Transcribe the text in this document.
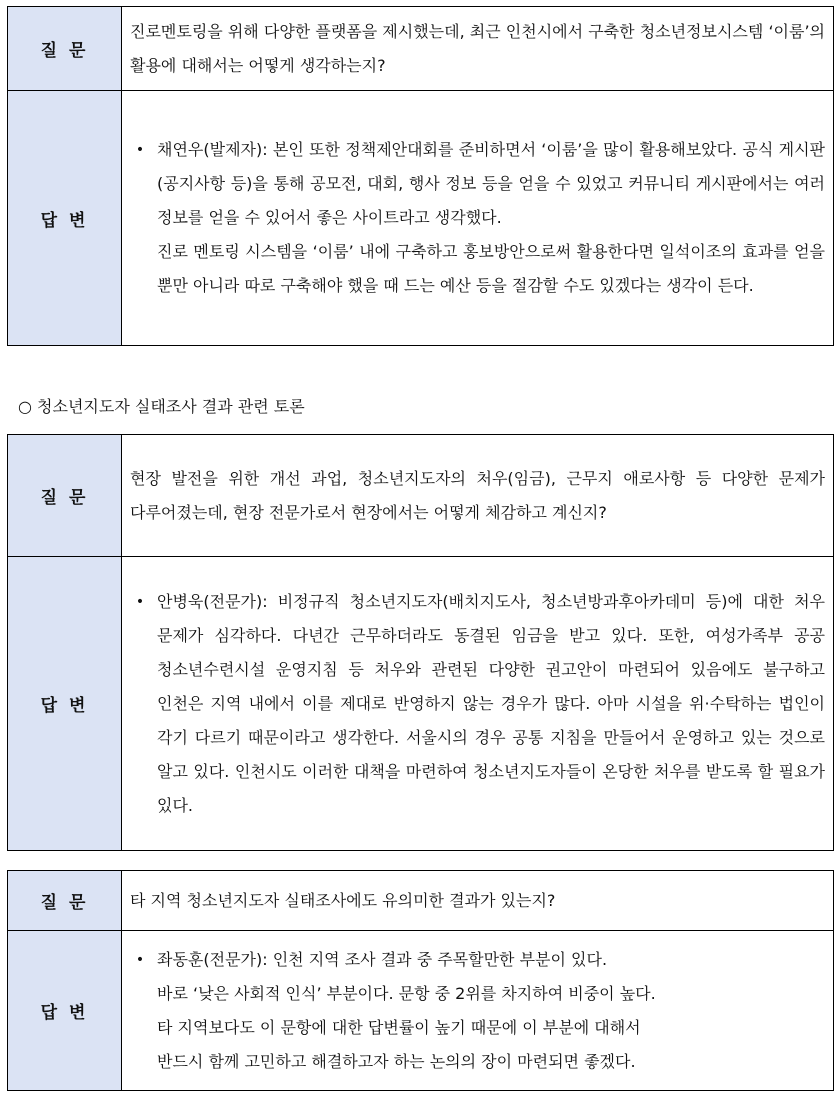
질 문	진로멘토링을 위해 다양한 플랫폼을 제시했는데, 최근 인천시에서 구축한 청소년정보시스템 ‘이룸’의 활용에 대해서는 어떻게 생각하는지?
답 변	• 채연우(발제자): 본인 또한 정책제안대회를 준비하면서 ‘이룸’을 많이 활용해보았다. 공식 게시판(공지사항 등)을 통해 공모전, 대회, 행사 정보 등을 얻을 수 있었고 커뮤니티 게시판에서는 여러 정보를 얻을 수 있어서 좋은 사이트라고 생각했다.
진로 멘토링 시스템을 ‘이룸’ 내에 구축하고 홍보방안으로써 활용한다면 일석이조의 효과를 얻을 뿐만 아니라 따로 구축해야 했을 때 드는 예산 등을 절감할 수도 있겠다는 생각이 든다.
○ 청소년지도자 실태조사 결과 관련 토론
질 문	현장 발전을 위한 개선 과업, 청소년지도자의 처우(임금), 근무지 애로사항 등 다양한 문제가 다루어졌는데, 현장 전문가로서 현장에서는 어떻게 체감하고 계신지?
답 변	• 안병욱(전문가): 비정규직 청소년지도자(배치지도사, 청소년방과후아카데미 등)에 대한 처우 문제가 심각하다. 다년간 근무하더라도 동결된 임금을 받고 있다. 또한, 여성가족부 공공 청소년수련시설 운영지침 등 처우와 관련된 다양한 권고안이 마련되어 있음에도 불구하고 인천은 지역 내에서 이를 제대로 반영하지 않는 경우가 많다. 아마 시설을 위·수탁하는 법인이 각기 다르기 때문이라고 생각한다. 서울시의 경우 공통 지침을 만들어서 운영하고 있는 것으로 알고 있다. 인천시도 이러한 대책을 마련하여 청소년지도자들이 온당한 처우를 받도록 할 필요가 있다.
질 문	타 지역 청소년지도자 실태조사에도 유의미한 결과가 있는지?
답 변	• 좌동훈(전문가): 인천 지역 조사 결과 중 주목할만한 부분이 있다.
바로 ‘낮은 사회적 인식’ 부분이다. 문항 중 2위를 차지하여 비중이 높다.
타 지역보다도 이 문항에 대한 답변률이 높기 때문에 이 부분에 대해서
반드시 함께 고민하고 해결하고자 하는 논의의 장이 마련되면 좋겠다.
